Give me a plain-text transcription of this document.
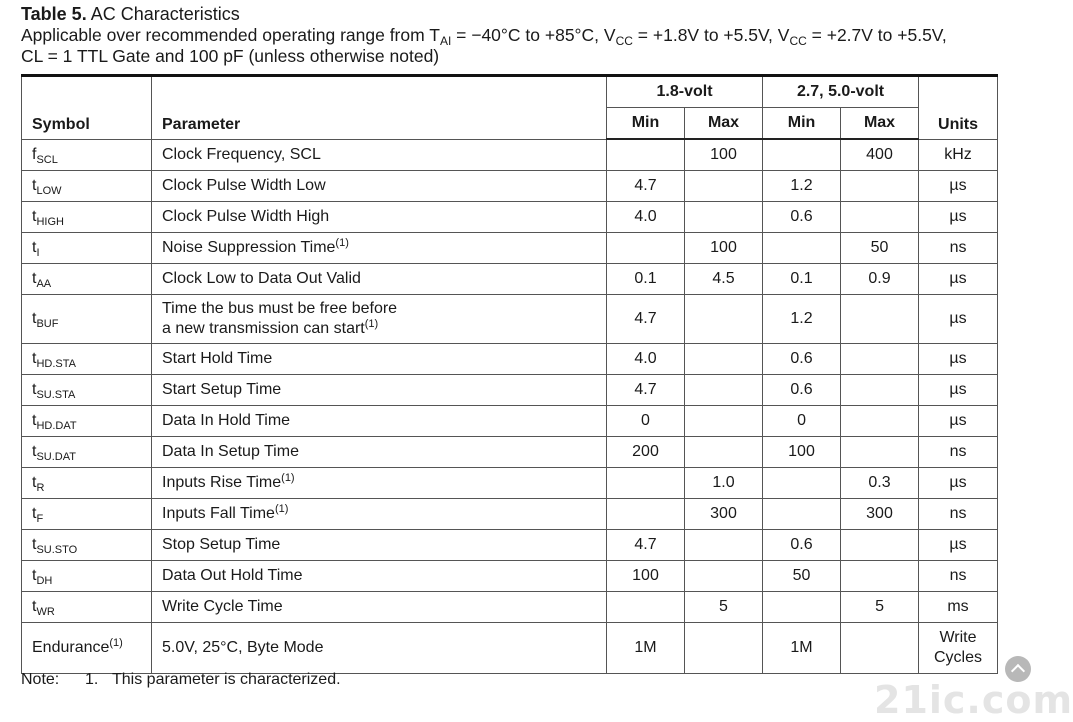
Table 5. AC Characteristics
Applicable over recommended operating range from $T_{AI} = -40^\circ C$ to +85°C, $V_{CC} = +1.8V$ to +5.5V, $V_{CC} = +2.7V$ to +5.5V,
CL = 1 TTL Gate and 100 pF (unless otherwise noted)
Symbol	Parameter	1.8-volt		2.7, 5.0-volt		Units
		Min	Max	Min	Max	
$f_{SCL}$	Clock Frequency, SCL		100		400	kHz
$t_{LOW}$	Clock Pulse Width Low	4.7		1.2		µs
$t_{HIGH}$	Clock Pulse Width High	4.0		0.6		µs
$t_I$	Noise Suppression Time$^{(1)}$		100		50	ns
$t_{AA}$	Clock Low to Data Out Valid	0.1	4.5	0.1	0.9	µs
$t_{BUF}$	Time the bus must be free before
a new transmission can start$^{(1)}$	4.7		1.2		µs
$t_{HD.STA}$	Start Hold Time	4.0		0.6		µs
$t_{SU.STA}$	Start Setup Time	4.7		0.6		µs
$t_{HD.DAT}$	Data In Hold Time	0		0		µs
$t_{SU.DAT}$	Data In Setup Time	200		100		ns
$t_R$	Inputs Rise Time$^{(1)}$		1.0		0.3	µs
$t_F$	Inputs Fall Time$^{(1)}$		300		300	ns
$t_{SU.STO}$	Stop Setup Time	4.7		0.6		µs
$t_{DH}$	Data Out Hold Time	100		50		ns
$t_{WR}$	Write Cycle Time		5		5	ms
Endurance$^{(1)}$	5.0V, 25°C, Byte Mode	1M		1M		Write
Cycles
Note: 1. This parameter is characterized.	21ic.com
